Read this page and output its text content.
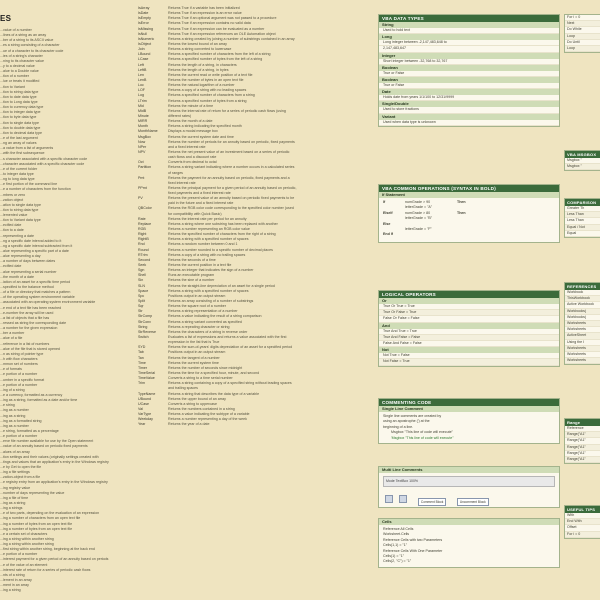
ES
...value of a number
...lines of a string as an array
...ber of a string to its ASCII value
...es a string consisting of a character
...ue of a character to its character code
...ies of a string's character
...ning to its character value
...y to a decimal value
...alue to a Double value
...tion of a number
...lue or treats it modified
...tion to Variant
...tion to string data type
...tion to date data type
...tion to Long data type
...tion to currency data type
...tion to integer data type
...tion to byte data type
...tion to single data type
...tion to double data type
...tion to decimal data type
...e of the last argument
...ng an array of values
...a value from a list of arguments
...with the first subsequence
...s character associated with a specific character code
...character associated with a specific character code
...e of the current folder
...to integer data type
...ng to long data type
...e first portion of the command line
...e a number of characters from the function
...mbers or zero
...zation object
...ation to single data type
...tion to string data type
...lemented value
...tion to Variant data type
...ecified date
...tion to a date
...representing a date
...ng a specific date interval added to it
...ng a specific date interval subtracted from it
...alue representing a specific part of a date
...alue representing a day
...a number of days between dates
...ecified date
...alue representing a serial number
...the month of a date
...iation of an asset for a specific time period
...specified to the balance method
...of a file or directory that matches a pattern
...of the operating system environment variable
...associated with an operating system environment variable
...e end of a text file has been reached
...e-number the array will be used
...a list of objects that a file has
...ressed as string the corresponding date
...a number for the given expression
...ber a number
...alue of a file
...reference in a list of numbers
...alue of the file that is stored opened
...n as string of pointer type
...h with flow characters
...mmon set of numbers
...e of formats
...e portion of a number
...umber in a specific format
...e portion of a number
...ing of a string
...e a currency, formatted as a currency
...ing as a string, formatted as a date and/or time
...e string
...ing as a number
...ing as a string
...ing as a formatted string
...ing as a number
...e string, formatted as a percentage
...e portion of a number
...erve file number available for use by the Open statement
...value of an annuity based on periodic fixed payments
...alues of an array
...tion settings and their values (originally settings created with
...tings and values that an application's entry in the Windows registry
...e by Get to open the file
...ing a file settings
...zation-object from a file
...e registry entry from an application's entry in the Windows registry
...ing registry value
...number of days representing the value
...ing a file of time
...ing as a string
...ing a strings
...e of two parts, depending on the evaluation of an expression
...ing a number of characters from an open text file
...ing a number of bytes from an open text file
...ing a number of bytes from an open text file
...e a certain set of characters
...ing a string within another string
...ing a string within another string
...first string within another string, beginning at the back end
...e portion of a number
...interest payment for a given period of an annuity based on periods
...e of the value of an element
...interest rate of return for a series of periodic cash flows
...nts of a string
...lement in an array
...ment in an array
...ing a string
IsArray	Returns True if a variable has been initialized
IsDate	Returns True if an expression is an error value
IsEmpty	Returns True if an optional argument was not passed to a procedure
IsError	Returns True if an expression contains no valid data
IsMissing	Returns True if an expression can be evaluated as a number
IsNull	Returns True if an expression references an OLE Automation object
IsNumeric	Returns a string created by joining a number of substrings contained in an array
IsObject	Returns the lowest bound of an array
Join	Returns a string converted to lowercase
LBound	Returns a specified number of characters from the left of a string
LCase	Returns a specified number of bytes from the left of a string
Left	Returns the length of a string, in characters
LeftB	Returns the length of a string, in bytes
Len	Returns the current read or write position of a text file
LenB	Returns the number of bytes in an open text file
Loc	Returns the natural logarithm of a number
LOF	Returns a copy of a string with no leading spaces
Log	Returns a specified number of characters from a string
LTrim	Returns a specified number of bytes from a string
Mid	Returns the minute of a time
MidB	Returns the internal rate of return for a series of periodic cash flows (using
Minute	different rates)
MIRR	Returns the month of a date
Month	Returns a string indicating the specified month
MonthName	Displays a modal message box
MsgBox	Returns the current system date and time
Now	Returns the number of periods for an annuity based on periodic, fixed payments
NPer	and a fixed interest rate
NPV	Returns the net present value of an investment based on a series of periodic
cash flows and a discount rate
Oct	Converts from decimal to octal
Partition	Returns a string variant indicating where a number occurs in a calculated series
of ranges
Pmt	Returns the payment for an annuity based on periodic, fixed payments and a
fixed interest rate
PPmt	Returns the principal payment for a given period of an annuity based on periodic,
fixed payments and a fixed interest rate
PV	Returns the present value of an annuity based on periodic fixed payments to be
paid in the future and a fixed interest rate
QBColor	Returns the RGB color code corresponding to the specified color number (used
for compatibility with Quick Basic)
Rate	Returns the interest rate per period for an annuity
Replace	Returns a string where one substring has been replaced with another
RGB	Returns a number representing an RGB color value
Right	Returns the specified number of characters from the right of a string
RightB	Returns a string with a specified number of spaces
Rnd	Returns a random number between 0 and 1
Round	Returns a number rounded to a specific number of decimal places
RTrim	Returns a copy of a string with no trailing spaces
Second	Returns the seconds of a time
Seek	Returns the current position in a text file
Sgn	Returns an integer that indicates the sign of a number
Shell	Runs an executable program
Sin	Returns the sine of a number
SLN	Returns the straight-line depreciation of an asset for a single period
Space	Returns a string with a specified number of spaces
Spc	Positions output in an output stream
Split	Returns an array consisting of a number of substrings
Sqr	Returns the square root of a number
Str	Returns a string representation of a number
StrComp	Returns a value indicating the result of a string comparison
StrConv	Returns a string variant converted as specified
String	Returns a repeating character or string
StrReverse	Returns the characters of a string in reverse order
Switch	Evaluates a list of expressions and returns a value associated with the first
expression in the list that is True
SYD	Returns the sum-of-years' digits depreciation of an asset for a specified period
Tab	Positions output in an output stream
Tan	Returns the tangent of a number
Time	Returns the current system time
Timer	Returns the number of seconds since midnight
TimeSerial	Returns the time for a specified hour, minute, and second
TimeValue	Converts a string to a time serial number
Trim	Returns a string containing a copy of a specified string without leading spaces
and trailing spaces
TypeName	Returns a string that describes the data type of a variable
UBound	Returns the upper bound of an array
UCase	Converts a string to uppercase
Val	Returns the numbers contained in a string
VarType	Returns a value indicating the subtype of a variable
Weekday	Returns a number representing a day of the week
Year	Returns the year of a date
VBA DATA TYPES
String
Used to hold text
Long
Long integer between -2,147,483,648 to
2,147,483,647
Integer
Short integer between -32,768 to 32,767
Boolean
True or False
Boolean
True or False
Date
Holds date from years 1/1/100 to 12/31/9999
Single/Double
Used to store fractions
Variant
Used when data type is unknown
VBA COMMON OPERATIONS (SYNTAX IN BOLD)
If Statement
If	numGrade > 90	Then
letterGrade = "A"
ElseIf	numGrade > 80	Then
letterGrade = "B"
Else
letterGrade = "F"
End If
LOGICAL OPERATORS
Or
True Or True = True
True Or False = True
False Or False = False
And
True And True = True
True And False = False
False And False = False
Not
Not True = False
Not False = True
COMMENTING CODE
Single Line Comment
Single line comments are created by
using an apostrophe (') at the
beginning of a line.
Msgbox "This line of code will execute"
'Msgbox "This line of code will execute"
Multi Line Comments
Mode TextBox 100%
Comment Block	Uncomment Block
Cells
Reference All Cells
Worksheet.Cells
Reference Cells with two Parameters
Cells(1,1) = "1"
Reference Cells With One Parameter
Cells(1) = "1"
Cells(2, "C") = "1"
For i = 0
Next
Do While
Loop
Do Until
Loop
VBA MSGBOX
Msgbox "
Msgbox "
COMPARISON
Greater Th
Less Than
Less Than
Equal / Not
Equal
REFERENCES
Workbook
ThisWorkbook
Active Workbook
Workbooks(
Workbooks(
Worksheets
Worksheets
ActiveSheet
Using the I
Worksheets
Worksheets
Worksheets
Range
Reference
Range("A1"
Range("A1"
Range("A1"
Range("A1"
Range("A1"
USEFUL TIPS
With
End With
Offset
For i = 0
